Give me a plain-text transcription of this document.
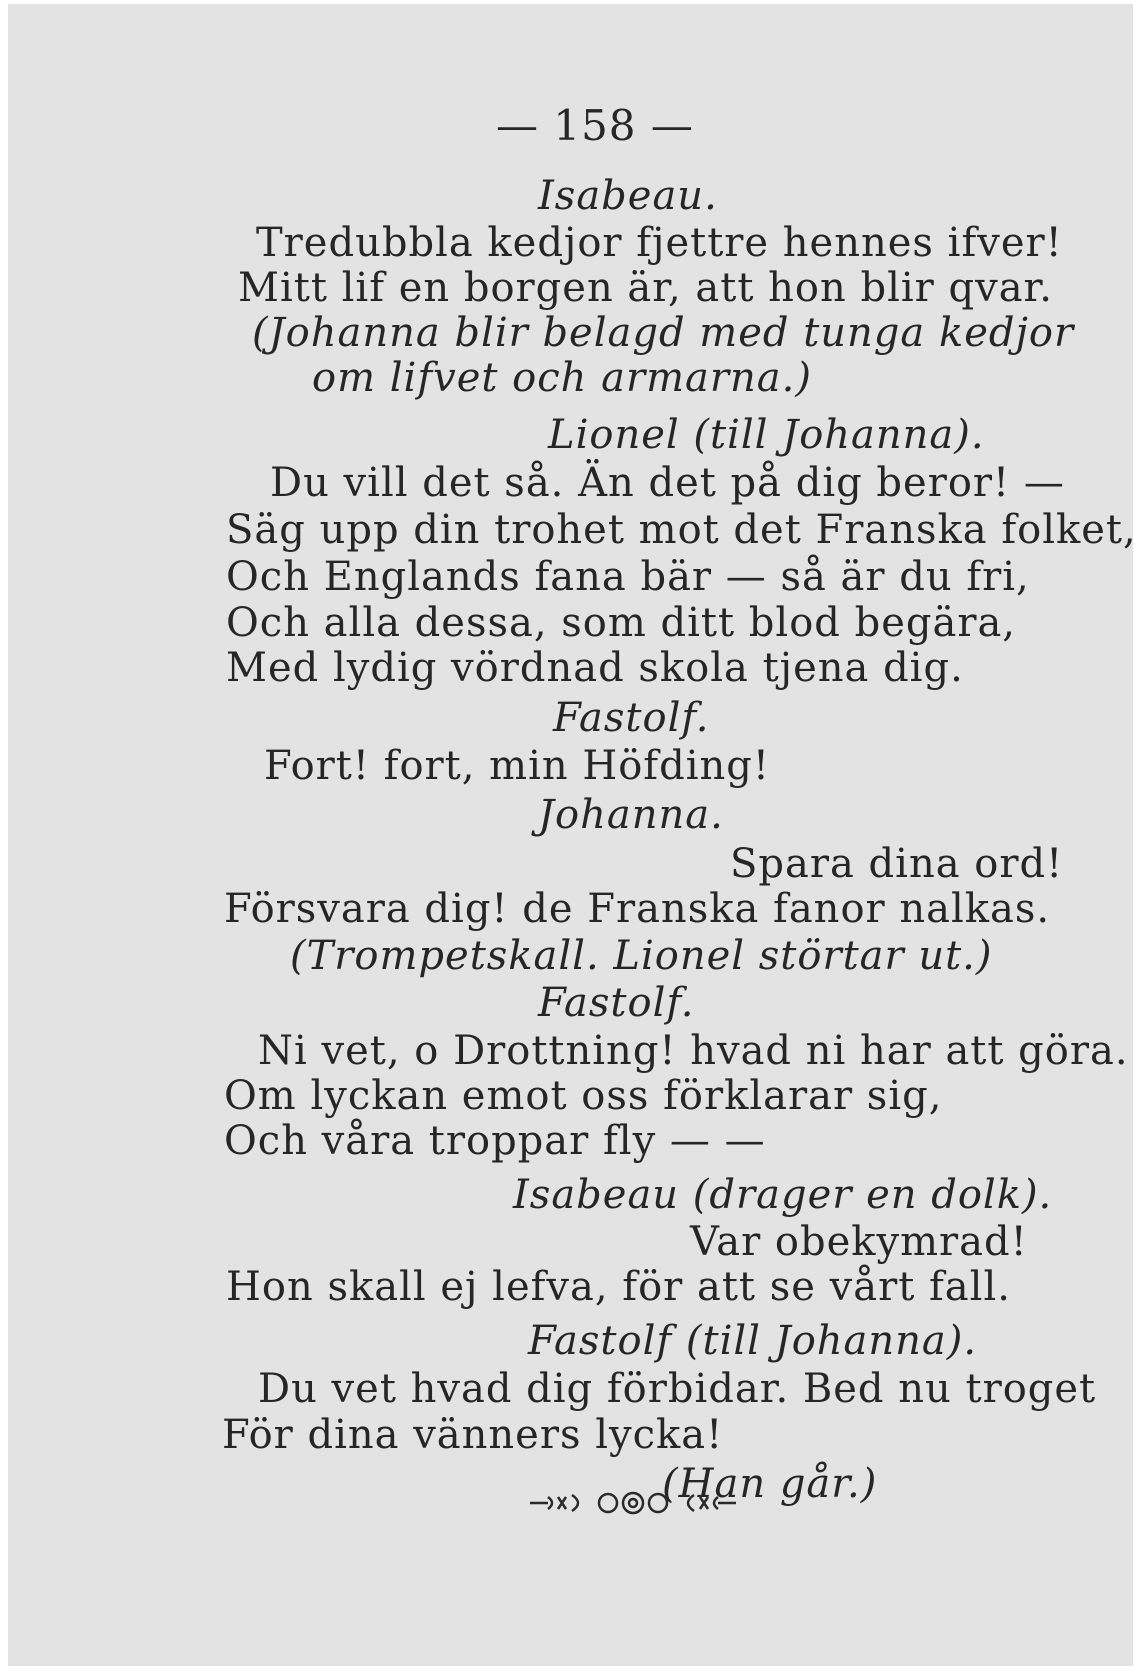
— 158 —
Isabeau.
Tredubbla kedjor fjettre hennes ifver!
Mitt lif en borgen är, att hon blir qvar.
(Johanna blir belagd med tunga kedjor
om lifvet och armarna.)
Lionel (till Johanna).
Du vill det så. Än det på dig beror! —
Säg upp din trohet mot det Franska folket,
Och Englands fana bär — så är du fri,
Och alla dessa, som ditt blod begära,
Med lydig vördnad skola tjena dig.
Fastolf.
Fort! fort, min Höfding!
Johanna.
Spara dina ord!
Försvara dig! de Franska fanor nalkas.
(Trompetskall. Lionel störtar ut.)
Fastolf.
Ni vet, o Drottning! hvad ni har att göra.
Om lyckan emot oss förklarar sig,
Och våra troppar fly — —
Isabeau (drager en dolk).
Var obekymrad!
Hon skall ej lefva, för att se vårt fall.
Fastolf (till Johanna).
Du vet hvad dig förbidar. Bed nu troget
För dina vänners lycka!
(Han går.)
